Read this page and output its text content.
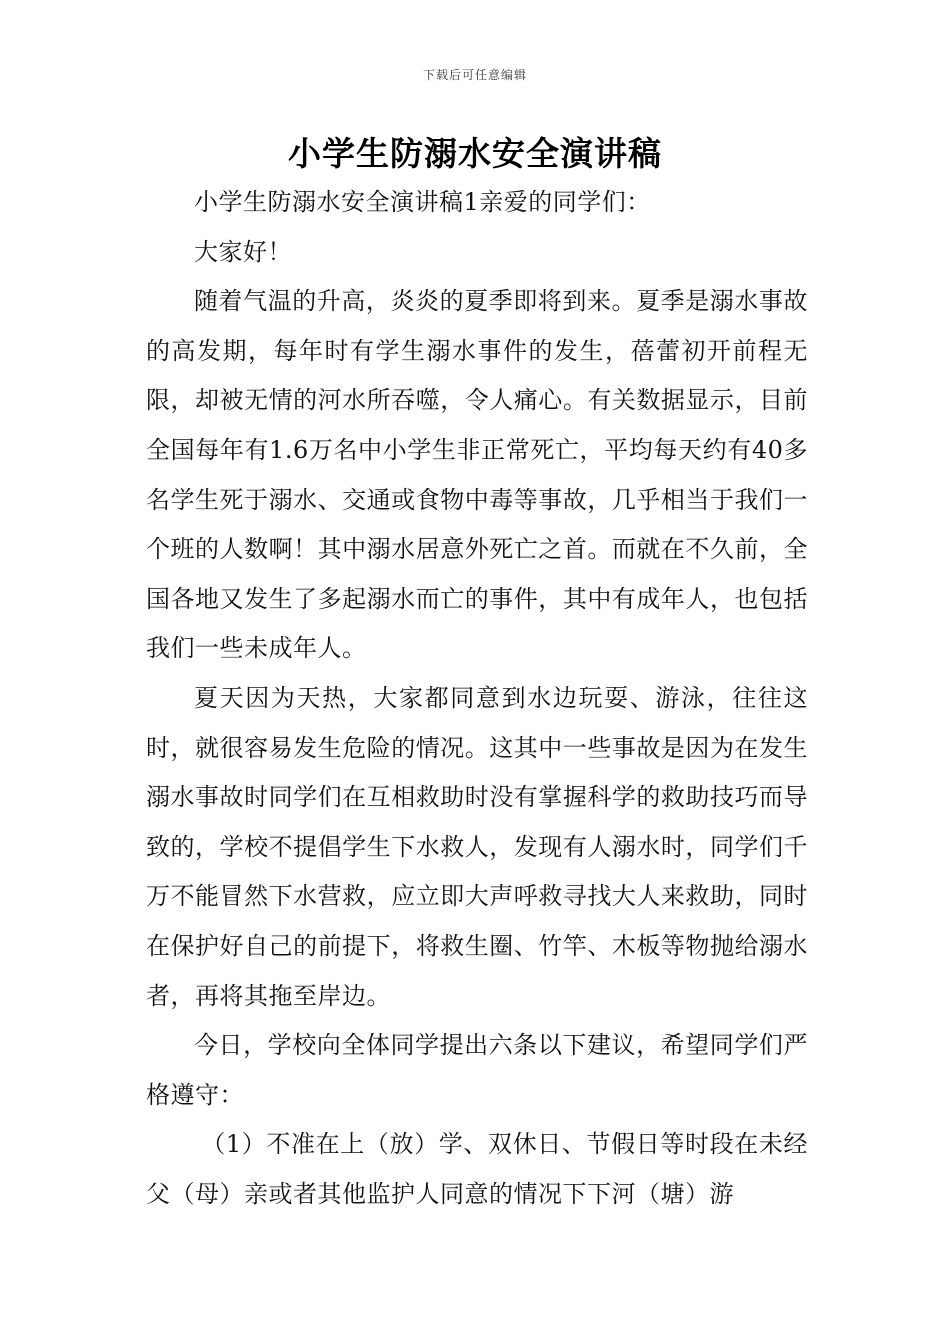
下载后可任意编辑
小学生防溺水安全演讲稿

小学生防溺水安全演讲稿1亲爱的同学们：

大家好！

随着气温的升高，炎炎的夏季即将到来。夏季是溺水事故的高发期，每年时有学生溺水事件的发生，蓓蕾初开前程无限，却被无情的河水所吞噬，令人痛心。有关数据显示，目前全国每年有1.6万名中小学生非正常死亡，平均每天约有40多名学生死于溺水、交通或食物中毒等事故，几乎相当于我们一个班的人数啊！其中溺水居意外死亡之首。而就在不久前，全国各地又发生了多起溺水而亡的事件，其中有成年人，也包括我们一些未成年人。

夏天因为天热，大家都同意到水边玩耍、游泳，往往这时，就很容易发生危险的情况。这其中一些事故是因为在发生溺水事故时同学们在互相救助时没有掌握科学的救助技巧而导致的，学校不提倡学生下水救人，发现有人溺水时，同学们千万不能冒然下水营救，应立即大声呼救寻找大人来救助，同时在保护好自己的前提下，将救生圈、竹竿、木板等物抛给溺水者，再将其拖至岸边。

今日，学校向全体同学提出六条以下建议，希望同学们严格遵守：

（1）不准在上（放）学、双休日、节假日等时段在未经父（母）亲或者其他监护人同意的情况下下河（塘）游
